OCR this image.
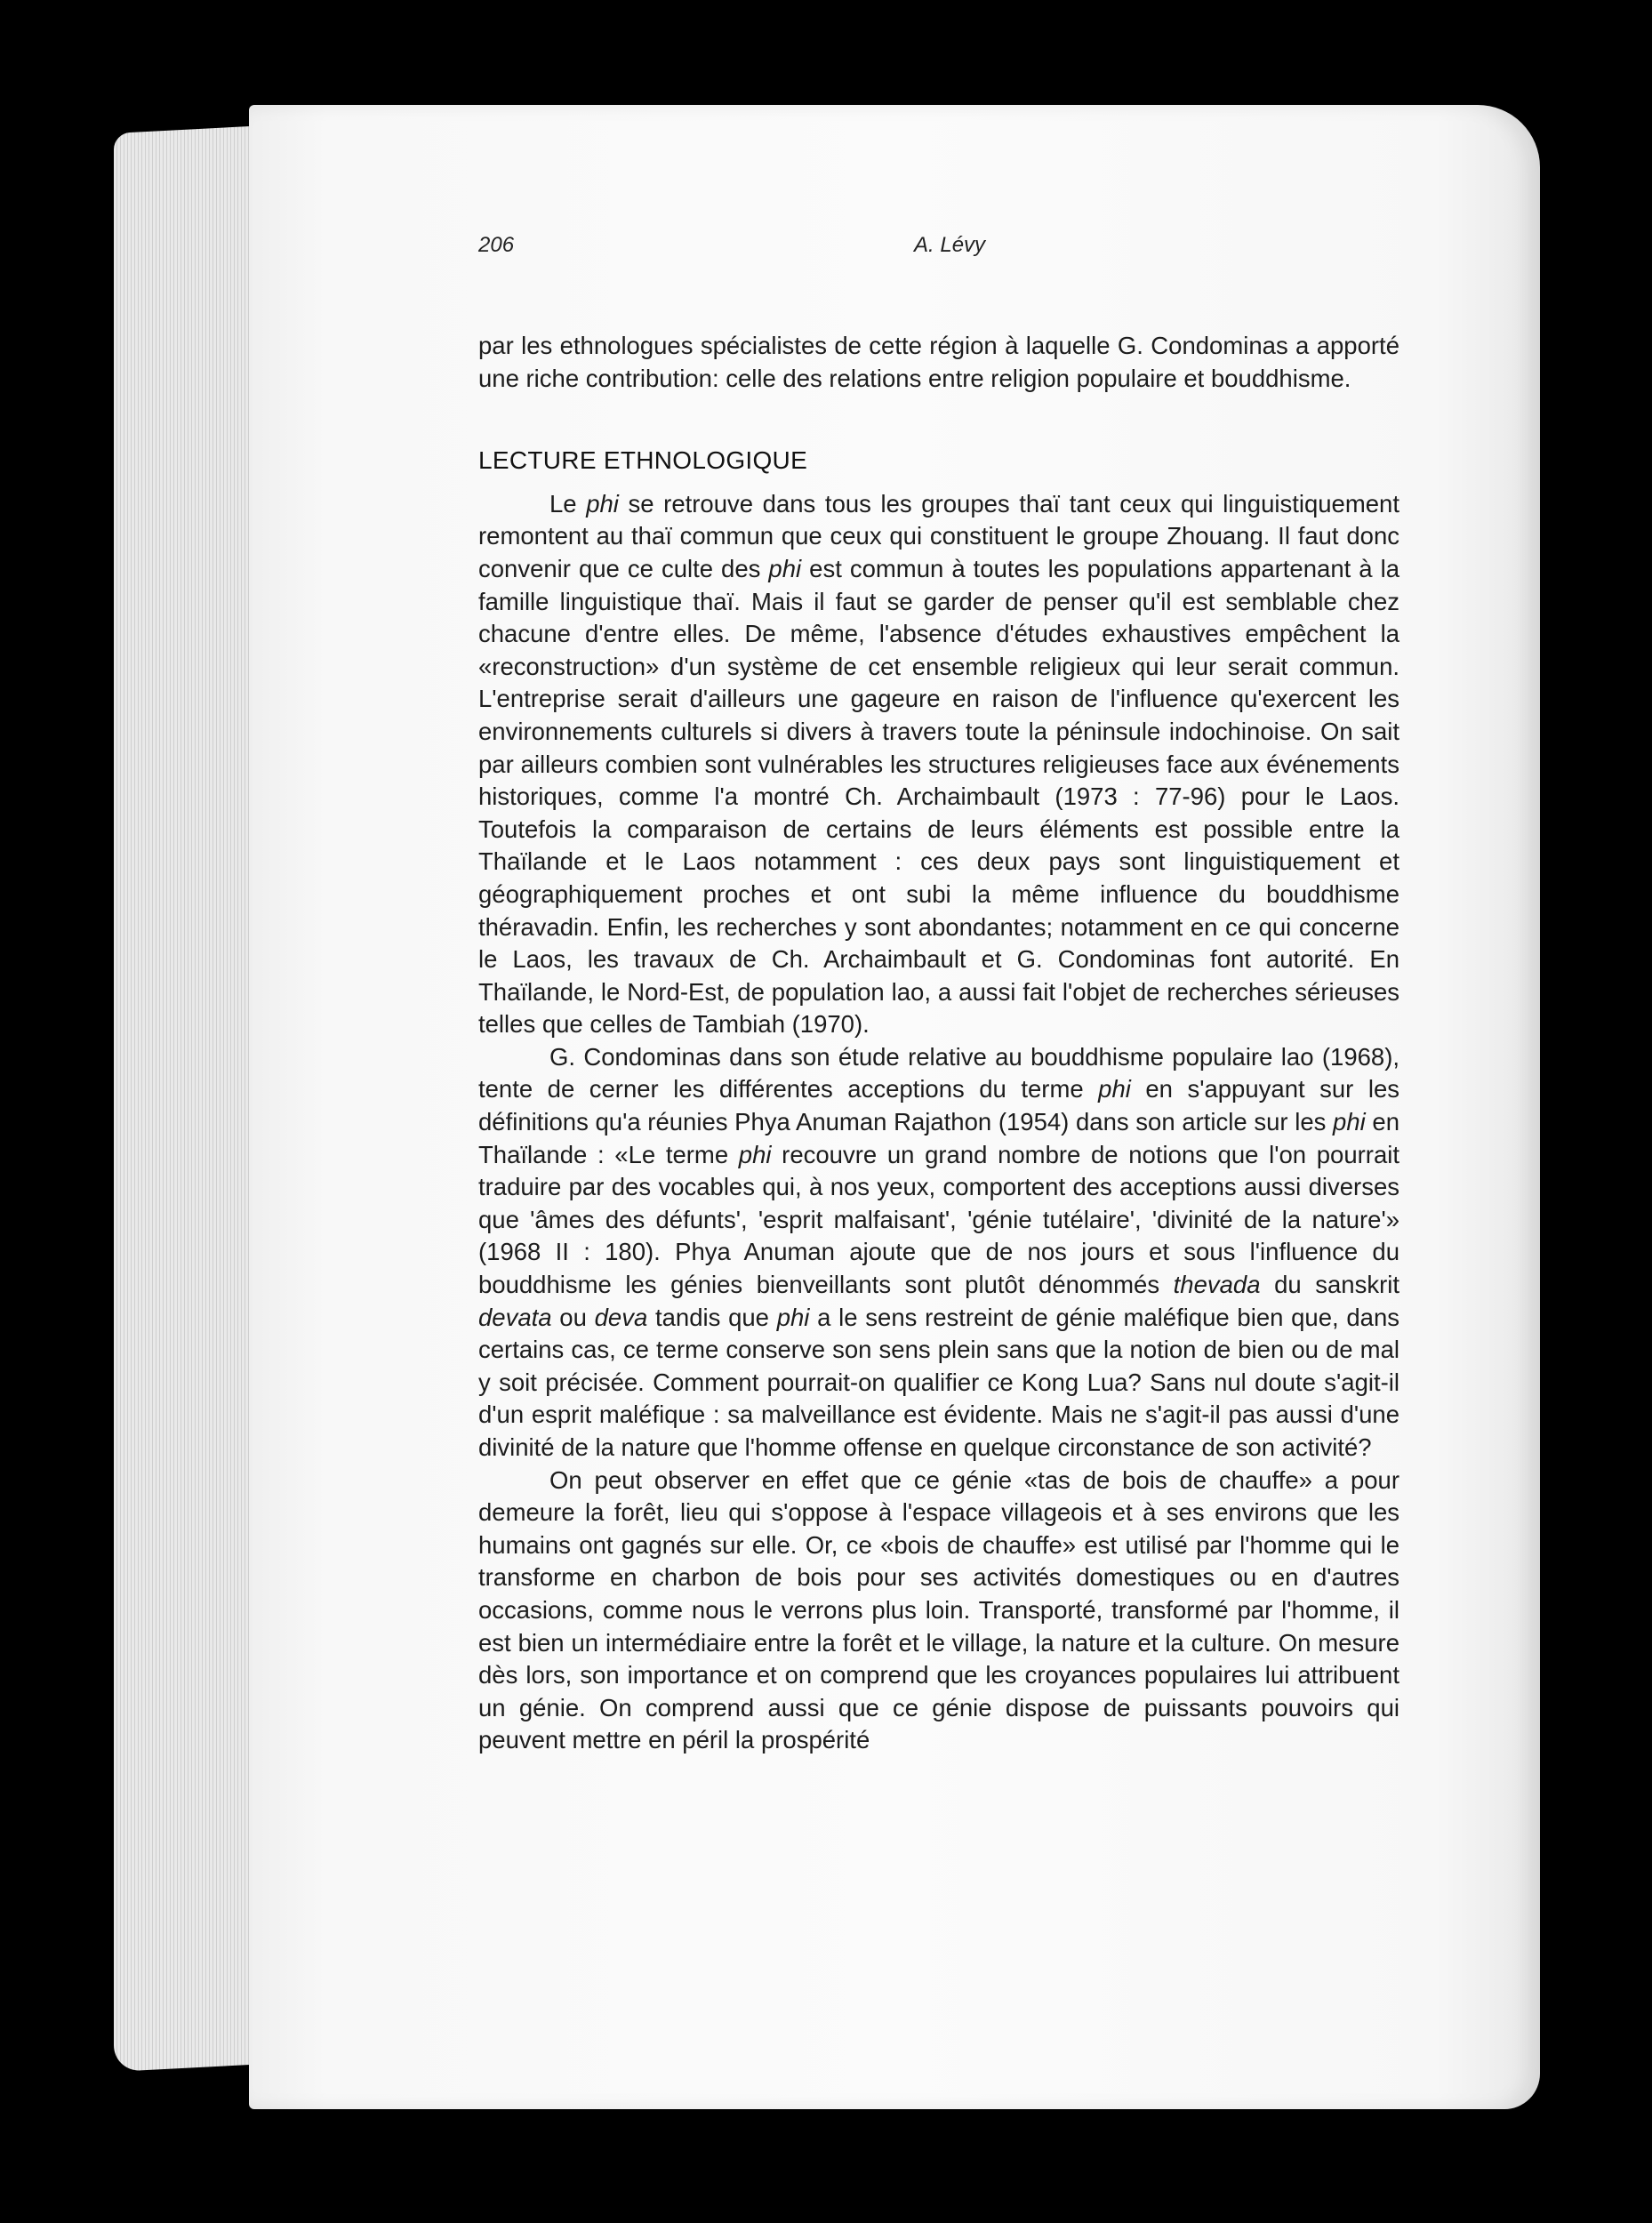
206	A. Lévy

par les ethnologues spécialistes de cette région à laquelle G. Condominas a apporté une riche contribution: celle des relations entre religion populaire et bouddhisme.

LECTURE ETHNOLOGIQUE

Le phi se retrouve dans tous les groupes thaï tant ceux qui linguistiquement remontent au thaï commun que ceux qui constituent le groupe Zhouang. Il faut donc convenir que ce culte des phi est commun à toutes les populations appartenant à la famille linguistique thaï. Mais il faut se garder de penser qu'il est semblable chez chacune d'entre elles. De même, l'absence d'études exhaustives empêchent la «reconstruction» d'un système de cet ensemble religieux qui leur serait commun. L'entreprise serait d'ailleurs une gageure en raison de l'influence qu'exercent les environnements culturels si divers à travers toute la péninsule indochinoise. On sait par ailleurs combien sont vulnérables les structures religieuses face aux événements historiques, comme l'a montré Ch. Archaimbault (1973 : 77-96) pour le Laos. Toutefois la comparaison de certains de leurs éléments est possible entre la Thaïlande et le Laos notamment : ces deux pays sont linguistiquement et géographiquement proches et ont subi la même influence du bouddhisme théravadin. Enfin, les recherches y sont abondantes; notamment en ce qui concerne le Laos, les travaux de Ch. Archaimbault et G. Condominas font autorité. En Thaïlande, le Nord-Est, de population lao, a aussi fait l'objet de recherches sérieuses telles que celles de Tambiah (1970).

G. Condominas dans son étude relative au bouddhisme populaire lao (1968), tente de cerner les différentes acceptions du terme phi en s'appuyant sur les définitions qu'a réunies Phya Anuman Rajathon (1954) dans son article sur les phi en Thaïlande : «Le terme phi recouvre un grand nombre de notions que l'on pourrait traduire par des vocables qui, à nos yeux, comportent des acceptions aussi diverses que 'âmes des défunts', 'esprit malfaisant', 'génie tutélaire', 'divinité de la nature'» (1968 II : 180). Phya Anuman ajoute que de nos jours et sous l'influence du bouddhisme les génies bienveillants sont plutôt dénommés thevada du sanskrit devata ou deva tandis que phi a le sens restreint de génie maléfique bien que, dans certains cas, ce terme conserve son sens plein sans que la notion de bien ou de mal y soit précisée. Comment pourrait-on qualifier ce Kong Lua? Sans nul doute s'agit-il d'un esprit maléfique : sa malveillance est évidente. Mais ne s'agit-il pas aussi d'une divinité de la nature que l'homme offense en quelque circonstance de son activité?

On peut observer en effet que ce génie «tas de bois de chauffe» a pour demeure la forêt, lieu qui s'oppose à l'espace villageois et à ses environs que les humains ont gagnés sur elle. Or, ce «bois de chauffe» est utilisé par l'homme qui le transforme en charbon de bois pour ses activités domestiques ou en d'autres occasions, comme nous le verrons plus loin. Transporté, transformé par l'homme, il est bien un intermédiaire entre la forêt et le village, la nature et la culture. On mesure dès lors, son importance et on comprend que les croyances populaires lui attribuent un génie. On comprend aussi que ce génie dispose de puissants pouvoirs qui peuvent mettre en péril la prospérité
